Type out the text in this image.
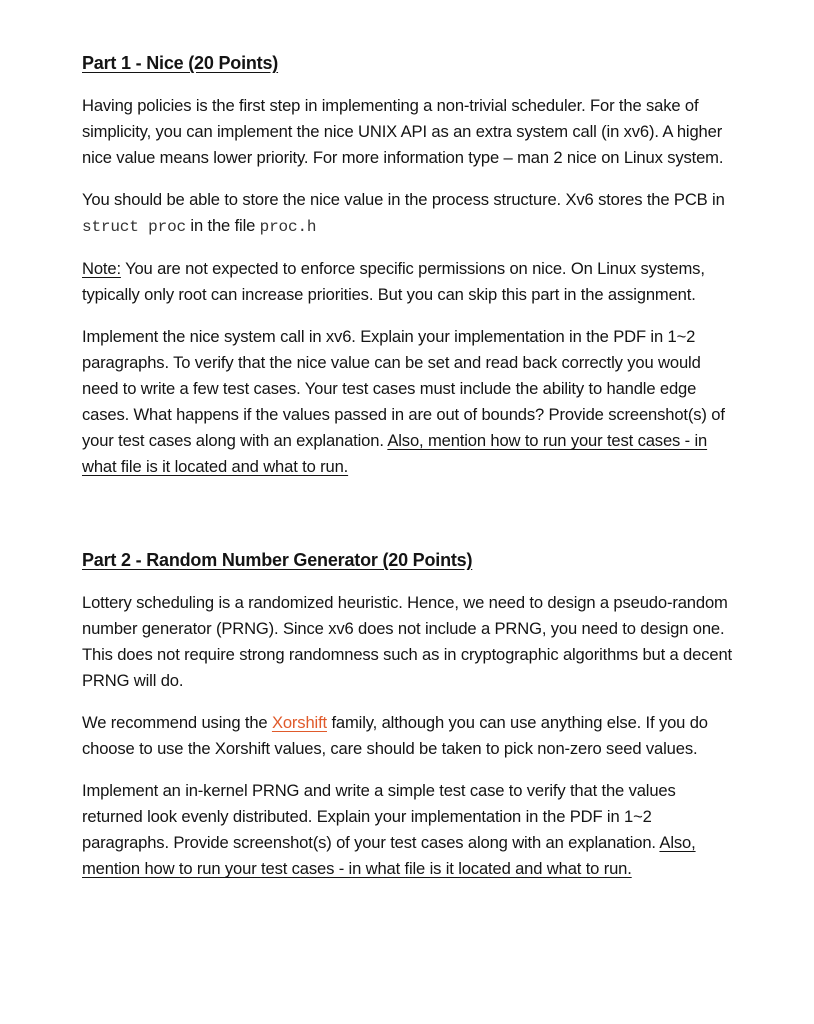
Part 1 - Nice (20 Points)

Having policies is the first step in implementing a non-trivial scheduler. For the sake of simplicity, you can implement the nice UNIX API as an extra system call (in xv6). A higher nice value means lower priority. For more information type – man 2 nice on Linux system.

You should be able to store the nice value in the process structure. Xv6 stores the PCB in struct proc in the file proc.h

Note: You are not expected to enforce specific permissions on nice. On Linux systems, typically only root can increase priorities. But you can skip this part in the assignment.

Implement the nice system call in xv6. Explain your implementation in the PDF in 1~2 paragraphs. To verify that the nice value can be set and read back correctly you would need to write a few test cases. Your test cases must include the ability to handle edge cases. What happens if the values passed in are out of bounds? Provide screenshot(s) of your test cases along with an explanation. Also, mention how to run your test cases - in what file is it located and what to run.

Part 2 - Random Number Generator (20 Points)

Lottery scheduling is a randomized heuristic. Hence, we need to design a pseudo-random number generator (PRNG). Since xv6 does not include a PRNG, you need to design one. This does not require strong randomness such as in cryptographic algorithms but a decent PRNG will do.

We recommend using the Xorshift family, although you can use anything else. If you do choose to use the Xorshift values, care should be taken to pick non-zero seed values.

Implement an in-kernel PRNG and write a simple test case to verify that the values returned look evenly distributed. Explain your implementation in the PDF in 1~2 paragraphs. Provide screenshot(s) of your test cases along with an explanation. Also, mention how to run your test cases - in what file is it located and what to run.
